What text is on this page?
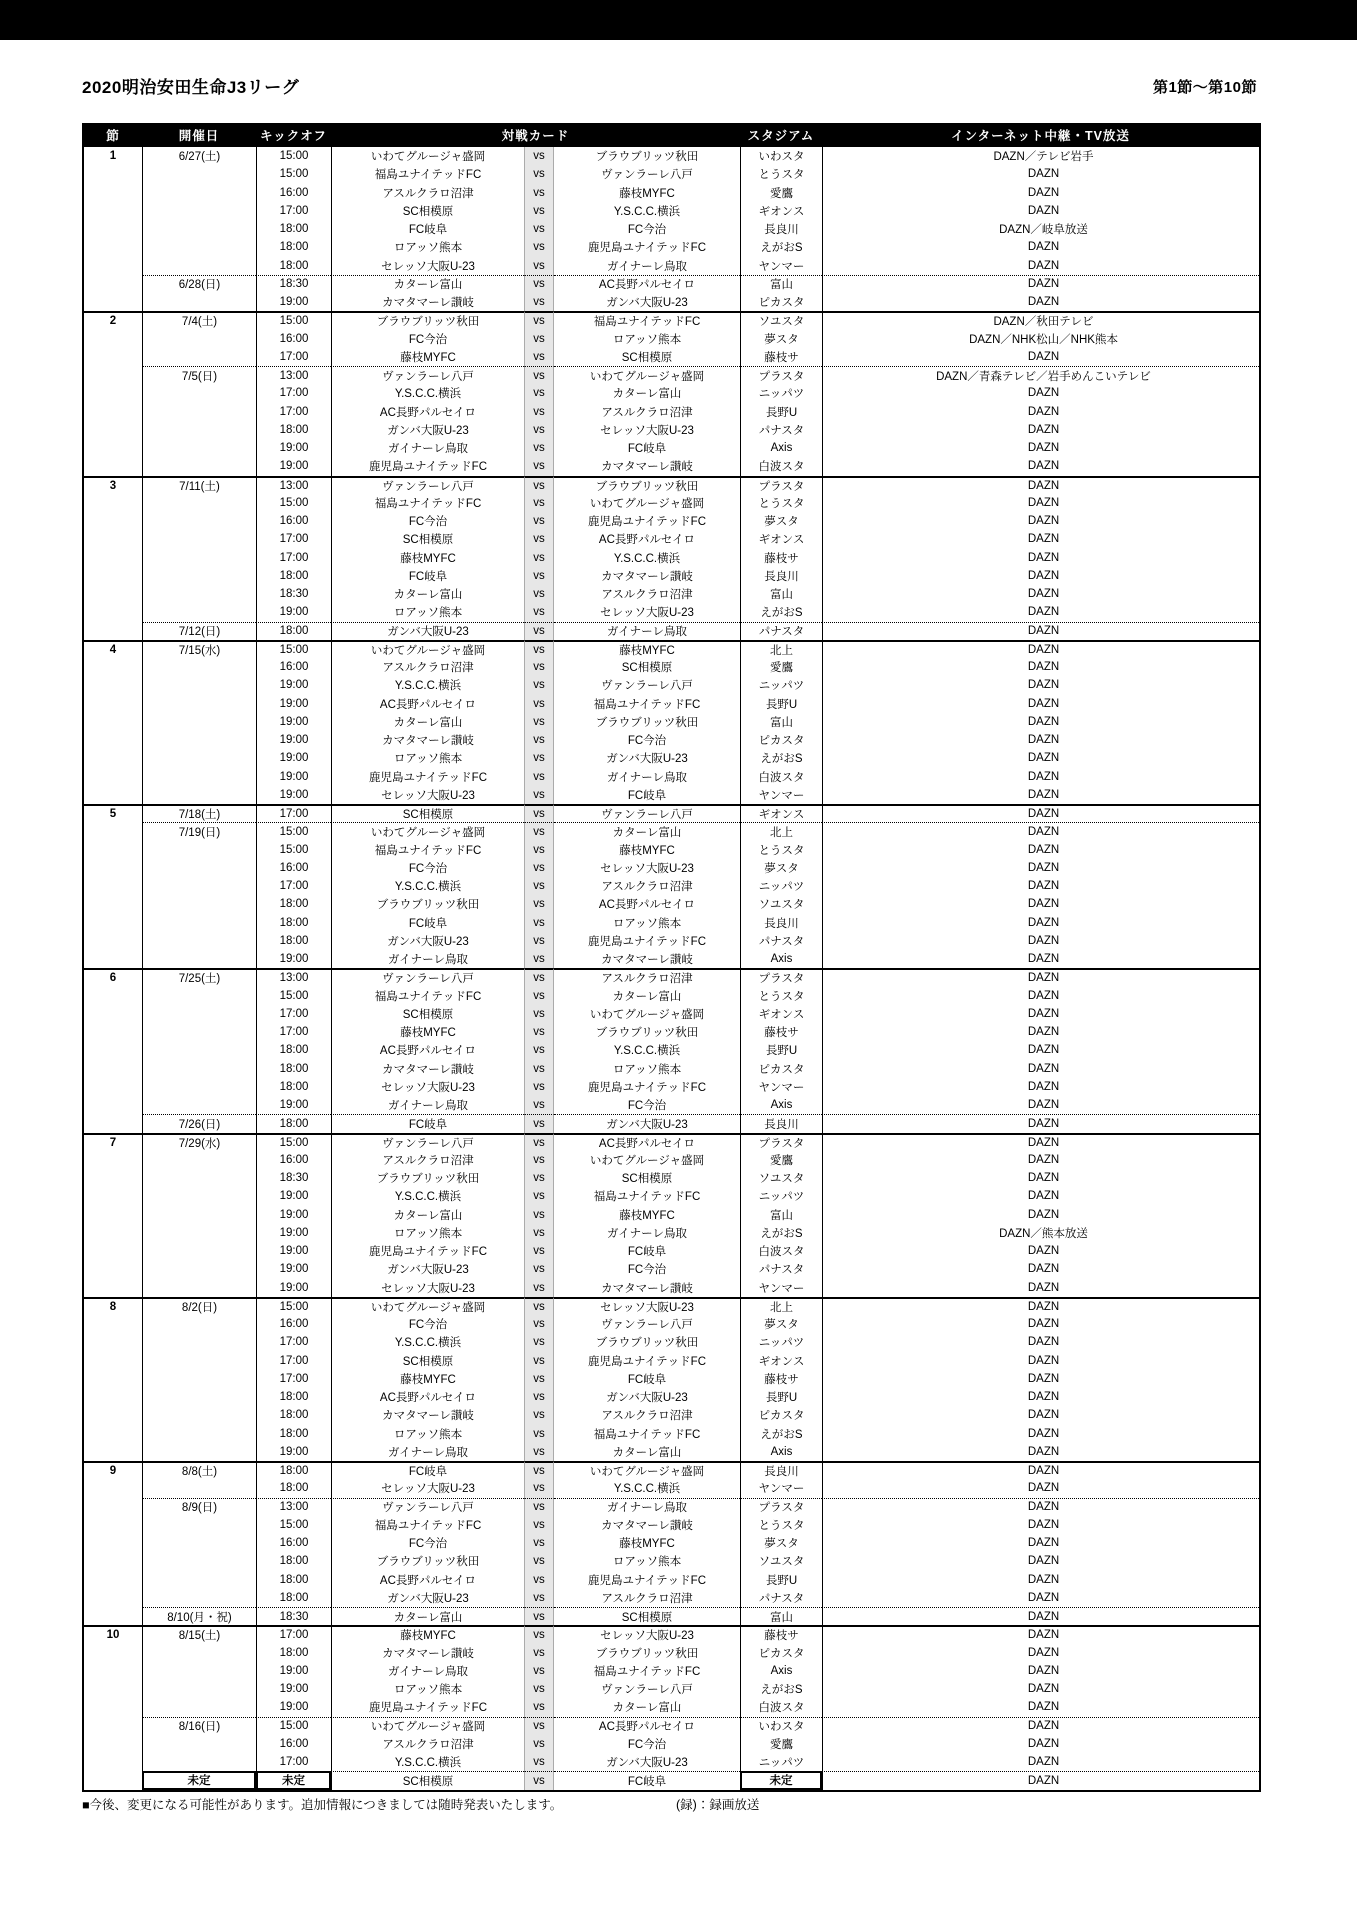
2020明治安田生命J3リーグ	第1節〜第10節
節	開催日	キックオフ	対戦カード	スタジアム	インターネット中継・TV放送
1	6/27(土)	15:00	いわてグルージャ盛岡	vs	ブラウブリッツ秋田	いわスタ	DAZN／テレビ岩手
15:00	福島ユナイテッドFC	vs	ヴァンラーレ八戸	とうスタ	DAZN
16:00	アスルクラロ沼津	vs	藤枝MYFC	愛鷹	DAZN
17:00	SC相模原	vs	Y.S.C.C.横浜	ギオンス	DAZN
18:00	FC岐阜	vs	FC今治	長良川	DAZN／岐阜放送
18:00	ロアッソ熊本	vs	鹿児島ユナイテッドFC	えがおS	DAZN
18:00	セレッソ大阪U-23	vs	ガイナーレ鳥取	ヤンマー	DAZN
6/28(日)	18:30	カターレ富山	vs	AC長野パルセイロ	富山	DAZN
19:00	カマタマーレ讃岐	vs	ガンバ大阪U-23	ピカスタ	DAZN
2	7/4(土)	15:00	ブラウブリッツ秋田	vs	福島ユナイテッドFC	ソユスタ	DAZN／秋田テレビ
16:00	FC今治	vs	ロアッソ熊本	夢スタ	DAZN／NHK松山／NHK熊本
17:00	藤枝MYFC	vs	SC相模原	藤枝サ	DAZN
7/5(日)	13:00	ヴァンラーレ八戸	vs	いわてグルージャ盛岡	プラスタ	DAZN／青森テレビ／岩手めんこいテレビ
17:00	Y.S.C.C.横浜	vs	カターレ富山	ニッパツ	DAZN
17:00	AC長野パルセイロ	vs	アスルクラロ沼津	長野U	DAZN
18:00	ガンバ大阪U-23	vs	セレッソ大阪U-23	パナスタ	DAZN
19:00	ガイナーレ鳥取	vs	FC岐阜	Axis	DAZN
19:00	鹿児島ユナイテッドFC	vs	カマタマーレ讃岐	白波スタ	DAZN
3	7/11(土)	13:00	ヴァンラーレ八戸	vs	ブラウブリッツ秋田	プラスタ	DAZN
15:00	福島ユナイテッドFC	vs	いわてグルージャ盛岡	とうスタ	DAZN
16:00	FC今治	vs	鹿児島ユナイテッドFC	夢スタ	DAZN
17:00	SC相模原	vs	AC長野パルセイロ	ギオンス	DAZN
17:00	藤枝MYFC	vs	Y.S.C.C.横浜	藤枝サ	DAZN
18:00	FC岐阜	vs	カマタマーレ讃岐	長良川	DAZN
18:30	カターレ富山	vs	アスルクラロ沼津	富山	DAZN
19:00	ロアッソ熊本	vs	セレッソ大阪U-23	えがおS	DAZN
7/12(日)	18:00	ガンバ大阪U-23	vs	ガイナーレ鳥取	パナスタ	DAZN
4	7/15(水)	15:00	いわてグルージャ盛岡	vs	藤枝MYFC	北上	DAZN
16:00	アスルクラロ沼津	vs	SC相模原	愛鷹	DAZN
19:00	Y.S.C.C.横浜	vs	ヴァンラーレ八戸	ニッパツ	DAZN
19:00	AC長野パルセイロ	vs	福島ユナイテッドFC	長野U	DAZN
19:00	カターレ富山	vs	ブラウブリッツ秋田	富山	DAZN
19:00	カマタマーレ讃岐	vs	FC今治	ピカスタ	DAZN
19:00	ロアッソ熊本	vs	ガンバ大阪U-23	えがおS	DAZN
19:00	鹿児島ユナイテッドFC	vs	ガイナーレ鳥取	白波スタ	DAZN
19:00	セレッソ大阪U-23	vs	FC岐阜	ヤンマー	DAZN
5	7/18(土)	17:00	SC相模原	vs	ヴァンラーレ八戸	ギオンス	DAZN
7/19(日)	15:00	いわてグルージャ盛岡	vs	カターレ富山	北上	DAZN
15:00	福島ユナイテッドFC	vs	藤枝MYFC	とうスタ	DAZN
16:00	FC今治	vs	セレッソ大阪U-23	夢スタ	DAZN
17:00	Y.S.C.C.横浜	vs	アスルクラロ沼津	ニッパツ	DAZN
18:00	ブラウブリッツ秋田	vs	AC長野パルセイロ	ソユスタ	DAZN
18:00	FC岐阜	vs	ロアッソ熊本	長良川	DAZN
18:00	ガンバ大阪U-23	vs	鹿児島ユナイテッドFC	パナスタ	DAZN
19:00	ガイナーレ鳥取	vs	カマタマーレ讃岐	Axis	DAZN
6	7/25(土)	13:00	ヴァンラーレ八戸	vs	アスルクラロ沼津	プラスタ	DAZN
15:00	福島ユナイテッドFC	vs	カターレ富山	とうスタ	DAZN
17:00	SC相模原	vs	いわてグルージャ盛岡	ギオンス	DAZN
17:00	藤枝MYFC	vs	ブラウブリッツ秋田	藤枝サ	DAZN
18:00	AC長野パルセイロ	vs	Y.S.C.C.横浜	長野U	DAZN
18:00	カマタマーレ讃岐	vs	ロアッソ熊本	ピカスタ	DAZN
18:00	セレッソ大阪U-23	vs	鹿児島ユナイテッドFC	ヤンマー	DAZN
19:00	ガイナーレ鳥取	vs	FC今治	Axis	DAZN
7/26(日)	18:00	FC岐阜	vs	ガンバ大阪U-23	長良川	DAZN
7	7/29(水)	15:00	ヴァンラーレ八戸	vs	AC長野パルセイロ	プラスタ	DAZN
16:00	アスルクラロ沼津	vs	いわてグルージャ盛岡	愛鷹	DAZN
18:30	ブラウブリッツ秋田	vs	SC相模原	ソユスタ	DAZN
19:00	Y.S.C.C.横浜	vs	福島ユナイテッドFC	ニッパツ	DAZN
19:00	カターレ富山	vs	藤枝MYFC	富山	DAZN
19:00	ロアッソ熊本	vs	ガイナーレ鳥取	えがおS	DAZN／熊本放送
19:00	鹿児島ユナイテッドFC	vs	FC岐阜	白波スタ	DAZN
19:00	ガンバ大阪U-23	vs	FC今治	パナスタ	DAZN
19:00	セレッソ大阪U-23	vs	カマタマーレ讃岐	ヤンマー	DAZN
8	8/2(日)	15:00	いわてグルージャ盛岡	vs	セレッソ大阪U-23	北上	DAZN
16:00	FC今治	vs	ヴァンラーレ八戸	夢スタ	DAZN
17:00	Y.S.C.C.横浜	vs	ブラウブリッツ秋田	ニッパツ	DAZN
17:00	SC相模原	vs	鹿児島ユナイテッドFC	ギオンス	DAZN
17:00	藤枝MYFC	vs	FC岐阜	藤枝サ	DAZN
18:00	AC長野パルセイロ	vs	ガンバ大阪U-23	長野U	DAZN
18:00	カマタマーレ讃岐	vs	アスルクラロ沼津	ピカスタ	DAZN
18:00	ロアッソ熊本	vs	福島ユナイテッドFC	えがおS	DAZN
19:00	ガイナーレ鳥取	vs	カターレ富山	Axis	DAZN
9	8/8(土)	18:00	FC岐阜	vs	いわてグルージャ盛岡	長良川	DAZN
18:00	セレッソ大阪U-23	vs	Y.S.C.C.横浜	ヤンマー	DAZN
8/9(日)	13:00	ヴァンラーレ八戸	vs	ガイナーレ鳥取	プラスタ	DAZN
15:00	福島ユナイテッドFC	vs	カマタマーレ讃岐	とうスタ	DAZN
16:00	FC今治	vs	藤枝MYFC	夢スタ	DAZN
18:00	ブラウブリッツ秋田	vs	ロアッソ熊本	ソユスタ	DAZN
18:00	AC長野パルセイロ	vs	鹿児島ユナイテッドFC	長野U	DAZN
18:00	ガンバ大阪U-23	vs	アスルクラロ沼津	パナスタ	DAZN
8/10(月・祝)	18:30	カターレ富山	vs	SC相模原	富山	DAZN
10	8/15(土)	17:00	藤枝MYFC	vs	セレッソ大阪U-23	藤枝サ	DAZN
18:00	カマタマーレ讃岐	vs	ブラウブリッツ秋田	ピカスタ	DAZN
19:00	ガイナーレ鳥取	vs	福島ユナイテッドFC	Axis	DAZN
19:00	ロアッソ熊本	vs	ヴァンラーレ八戸	えがおS	DAZN
19:00	鹿児島ユナイテッドFC	vs	カターレ富山	白波スタ	DAZN
8/16(日)	15:00	いわてグルージャ盛岡	vs	AC長野パルセイロ	いわスタ	DAZN
16:00	アスルクラロ沼津	vs	FC今治	愛鷹	DAZN
17:00	Y.S.C.C.横浜	vs	ガンバ大阪U-23	ニッパツ	DAZN
未定	未定	SC相模原	vs	FC岐阜	未定	DAZN
■今後、変更になる可能性があります。追加情報につきましては随時発表いたします。	(録)：録画放送
